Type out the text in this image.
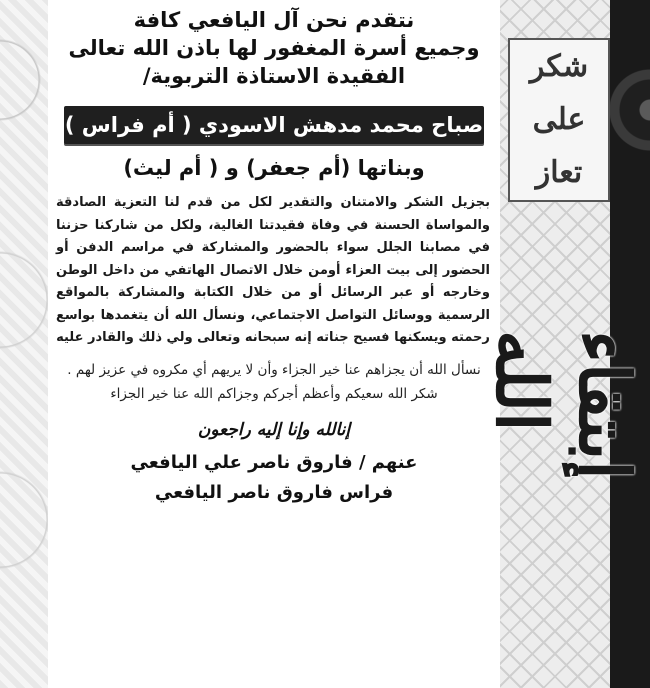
شكر
على
تعاز
إبتقاء الله

نتقدم نحن آل اليافعي كافة

وجميع أسرة المغفور لها باذن الله تعالى

الفقيدة الاستاذة التربوية/

صباح محمد مدهش الاسودي ( أم فراس )
وبناتها (أم جعفر) و ( أم ليث)
بجزيل الشكر والامتنان والتقدير لكل من قدم لنا التعزية الصادقة والمواساة الحسنة في وفاة فقيدتنا الغالية، ولكل من شاركنا حزننا في مصابنا الجلل سواء بالحضور والمشاركة في مراسم الدفن أو الحضور إلى بيت العزاء أومن خلال الاتصال الهاتفي من داخل الوطن وخارجه أو عبر الرسائل أو من خلال الكتابة والمشاركة بالمواقع الرسمية ووسائل التواصل الاجتماعي، ونسأل الله أن يتغمدها بواسع رحمته ويسكنها فسيح جناته إنه سبحانه وتعالى ولي ذلك والقادر عليه
نسأل الله أن يجزاهم عنا خير الجزاء وأن لا يريهم أي مكروه في عزيز لهم . شكر الله سعيكم وأعظم أجركم وجزاكم الله عنا خير الجزاء
إنالله وإنا إليه راجعون
عنهم / فاروق ناصر علي اليافعي
فراس فاروق ناصر اليافعي
